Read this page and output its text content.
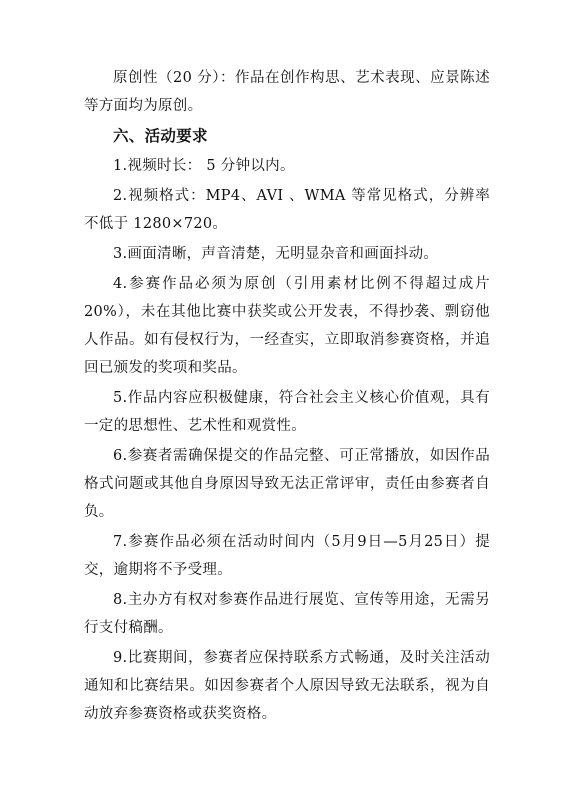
原创性（20 分）：作品在创作构思、艺术表现、应景陈述等方面均为原创。

六、活动要求

1.视频时长： 5 分钟以内。

2.视频格式：MP4、AVI 、WMA 等常见格式，分辨率不低于 1280×720。

3.画面清晰，声音清楚，无明显杂音和画面抖动。

4.参赛作品必须为原创（引用素材比例不得超过成片20%），未在其他比赛中获奖或公开发表，不得抄袭、剽窃他人作品。如有侵权行为，一经查实，立即取消参赛资格，并追回已颁发的奖项和奖品。

5.作品内容应积极健康，符合社会主义核心价值观，具有一定的思想性、艺术性和观赏性。

6.参赛者需确保提交的作品完整、可正常播放，如因作品格式问题或其他自身原因导致无法正常评审，责任由参赛者自负。

7.参赛作品必须在活动时间内（5月9日—5月25日）提交，逾期将不予受理。

8.主办方有权对参赛作品进行展览、宣传等用途，无需另行支付稿酬。

9.比赛期间，参赛者应保持联系方式畅通，及时关注活动通知和比赛结果。如因参赛者个人原因导致无法联系，视为自动放弃参赛资格或获奖资格。
